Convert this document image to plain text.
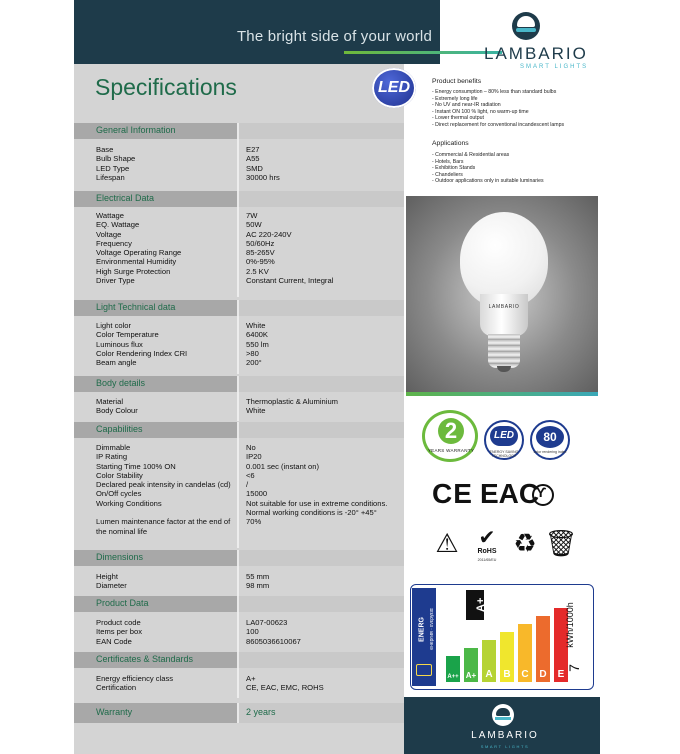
The bright side of your world
LAMBARIO
SMART LIGHTS
Specifications	LED
General Information
Base	E27
Bulb Shape	A55
LED Type	SMD
Lifespan	30000 hrs
Electrical Data
Wattage	7W
EQ. Wattage	50W
Voltage	AC 220-240V
Frequency	50/60Hz
Voltage Operating Range	85-265V
Environmental Humidity	0%-95%
High Surge Protection	2.5 KV
Driver Type	Constant Current, Integral
Light Technical data
Light color	White
Color Temperature	6400K
Luminous flux	550 lm
Color Rendering Index CRI	>80
Beam angle	200°
Body details
Material	Thermoplastic & Aluminium
Body Colour	White
Capabilities
Dimmable	No
IP Rating	IP20
Starting Time 100% ON	0.001 sec (instant on)
Color Stability	<6
Declared peak intensity in candelas (cd)	/
On/Off cycles	15000
Working Conditions	Not suitable for use in extreme conditions.
Normal working conditions is -20° +45°
Lumen maintenance factor at the end of	70%
the nominal life
Dimensions
Height	55 mm
Diameter	98 mm
Product Data
Product code	LA07-00623
Items per box	100
EAN Code	8605036610067
Certificates & Standards
Energy efficiency class	A+
Certification	CE, EAC, EMC, ROHS
Warranty	2 years
Product benefits
- Energy consumption – 80% less than standard bulbs
- Extremely long life
- No UV and near-IR radiation
- Instant ON 100 % light, no warm-up time
- Lower thermal output
- Direct replacement for conventional incandescent lamps
Applications
- Commercial & Residential areas
- Hotels, Bars
- Exhibition Stands
- Chandeliers
- Outdoor applications only in suitable luminaries
LAMBARIO
2
YEARS WARRANTY
LED
ENERGY SAVING TECHNOLOGY
80
color rendering index
CE EAC
Ƴ
⚠ ✔
RoHS
2011/65/EU
♻ 🗑
ENERG енергия · ενεργεια
A+
A++ A+ A	B	C	D	E
kWh/1000h
7
LAMBARIO
SMART LIGHTS
